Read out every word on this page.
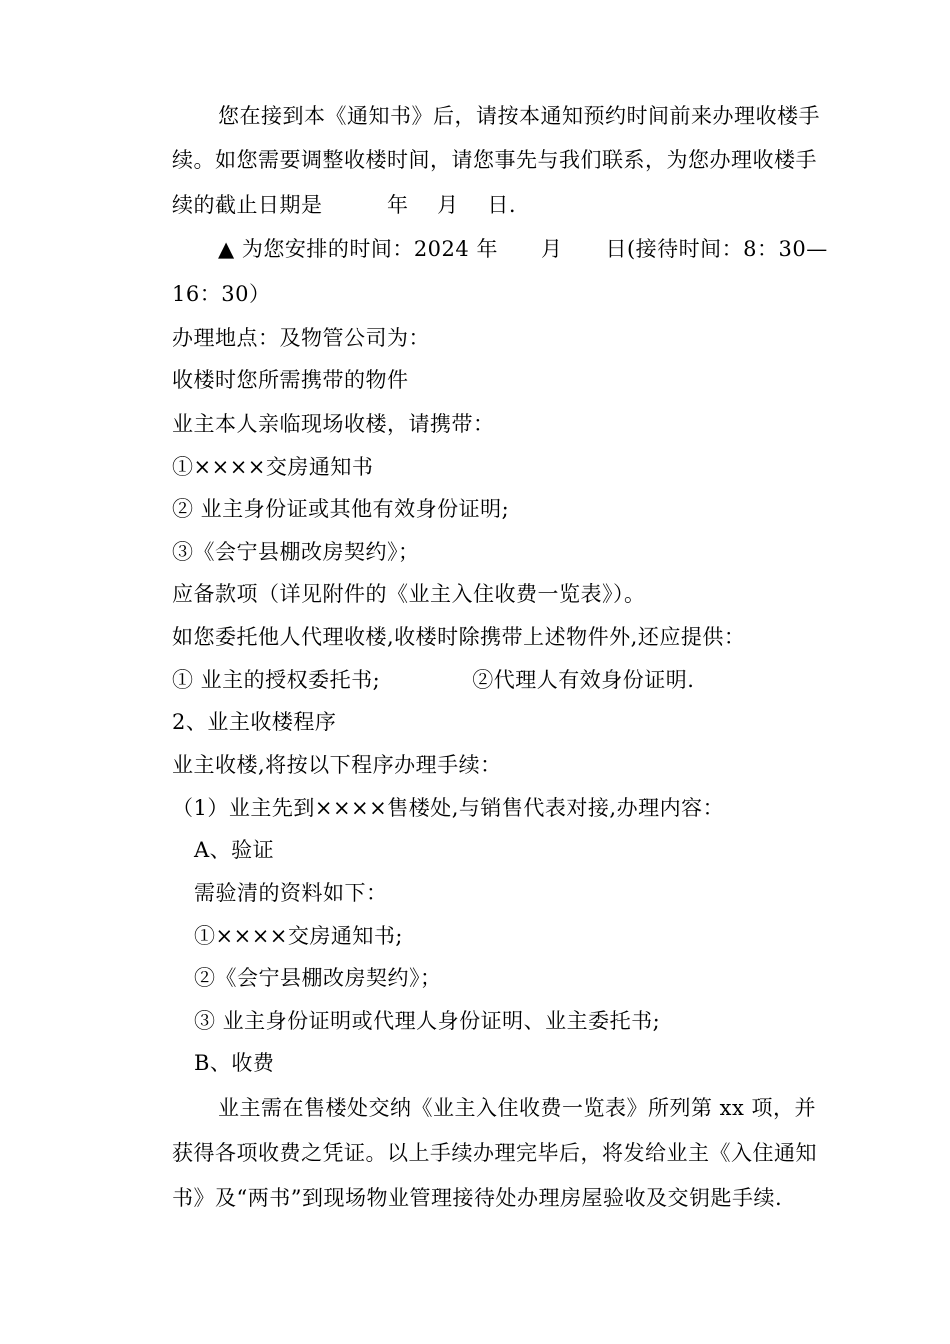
您在接到本《通知书》后，请按本通知预约时间前来办理收楼手
续。如您需要调整收楼时间，请您事先与我们联系，为您办理收楼手
续的截止日期是　　　年　 月　 日.
▲ 为您安排的时间：2024 年　　月　　日(接待时间：8：30—
16：30）
办理地点：及物管公司为：
收楼时您所需携带的物件
业主本人亲临现场收楼，请携带：
①××××交房通知书
② 业主身份证或其他有效身份证明;
③《会宁县棚改房契约》；
应备款项（详见附件的《业主入住收费一览表》）。
如您委托他人代理收楼,收楼时除携带上述物件外,还应提供：
① 业主的授权委托书;	②代理人有效身份证明.
2、业主收楼程序
业主收楼,将按以下程序办理手续：
（1）业主先到××××售楼处,与销售代表对接,办理内容：
A、验证
需验清的资料如下：
①××××交房通知书;
②《会宁县棚改房契约》；
③ 业主身份证明或代理人身份证明、业主委托书;
B、收费
业主需在售楼处交纳《业主入住收费一览表》所列第 xx 项，并
获得各项收费之凭证。以上手续办理完毕后，将发给业主《入住通知
书》及“两书”到现场物业管理接待处办理房屋验收及交钥匙手续.
